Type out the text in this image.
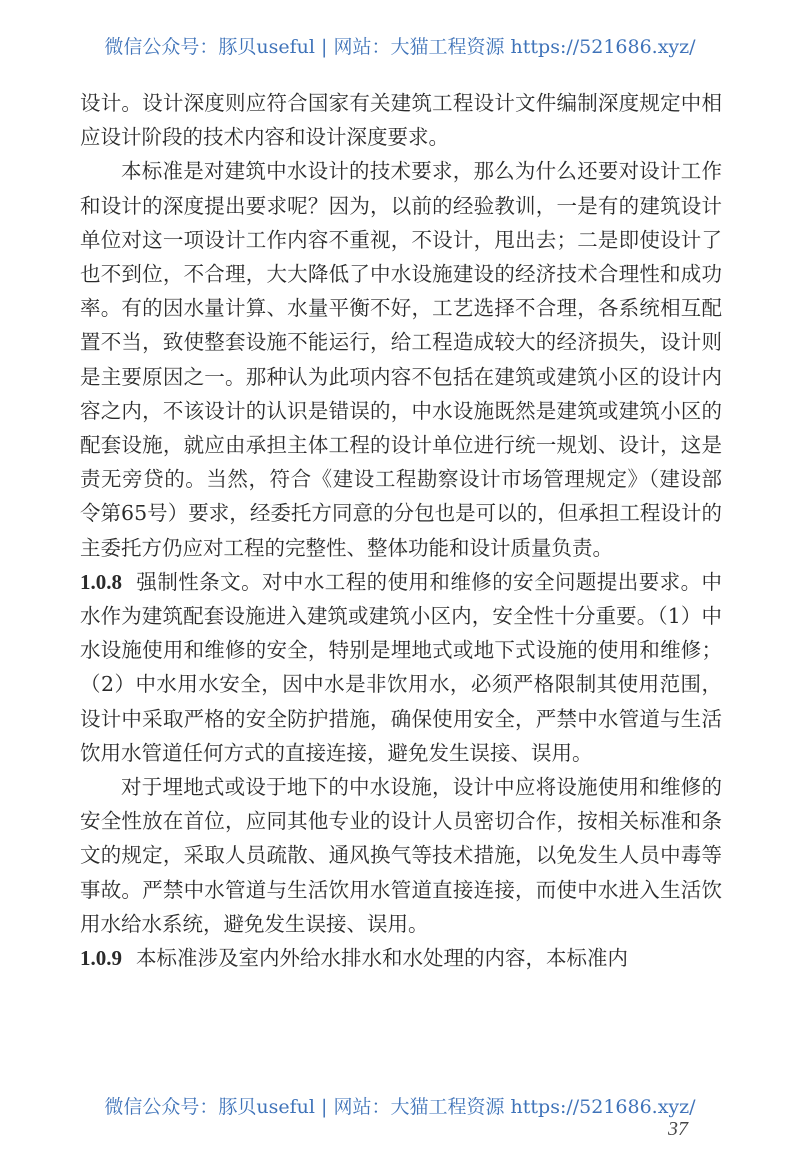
微信公众号：豚贝useful | 网站：大猫工程资源 https://521686.xyz/

设计。设计深度则应符合国家有关建筑工程设计文件编制深度规定中相应设计阶段的技术内容和设计深度要求。

本标准是对建筑中水设计的技术要求，那么为什么还要对设计工作和设计的深度提出要求呢？因为，以前的经验教训，一是有的建筑设计单位对这一项设计工作内容不重视，不设计，甩出去；二是即使设计了也不到位，不合理，大大降低了中水设施建设的经济技术合理性和成功率。有的因水量计算、水量平衡不好，工艺选择不合理，各系统相互配置不当，致使整套设施不能运行，给工程造成较大的经济损失，设计则是主要原因之一。那种认为此项内容不包括在建筑或建筑小区的设计内容之内，不该设计的认识是错误的，中水设施既然是建筑或建筑小区的配套设施，就应由承担主体工程的设计单位进行统一规划、设计，这是责无旁贷的。当然，符合《建设工程勘察设计市场管理规定》（建设部令第65号）要求，经委托方同意的分包也是可以的，但承担工程设计的主委托方仍应对工程的完整性、整体功能和设计质量负责。

1.0.8 强制性条文。对中水工程的使用和维修的安全问题提出要求。中水作为建筑配套设施进入建筑或建筑小区内，安全性十分重要。（1）中水设施使用和维修的安全，特别是埋地式或地下式设施的使用和维修；（2）中水用水安全，因中水是非饮用水，必须严格限制其使用范围，设计中采取严格的安全防护措施，确保使用安全，严禁中水管道与生活饮用水管道任何方式的直接连接，避免发生误接、误用。

对于埋地式或设于地下的中水设施，设计中应将设施使用和维修的安全性放在首位，应同其他专业的设计人员密切合作，按相关标准和条文的规定，采取人员疏散、通风换气等技术措施，以免发生人员中毒等事故。严禁中水管道与生活饮用水管道直接连接，而使中水进入生活饮用水给水系统，避免发生误接、误用。

1.0.9 本标准涉及室内外给水排水和水处理的内容，本标准内

微信公众号：豚贝useful | 网站：大猫工程资源 https://521686.xyz/
37
